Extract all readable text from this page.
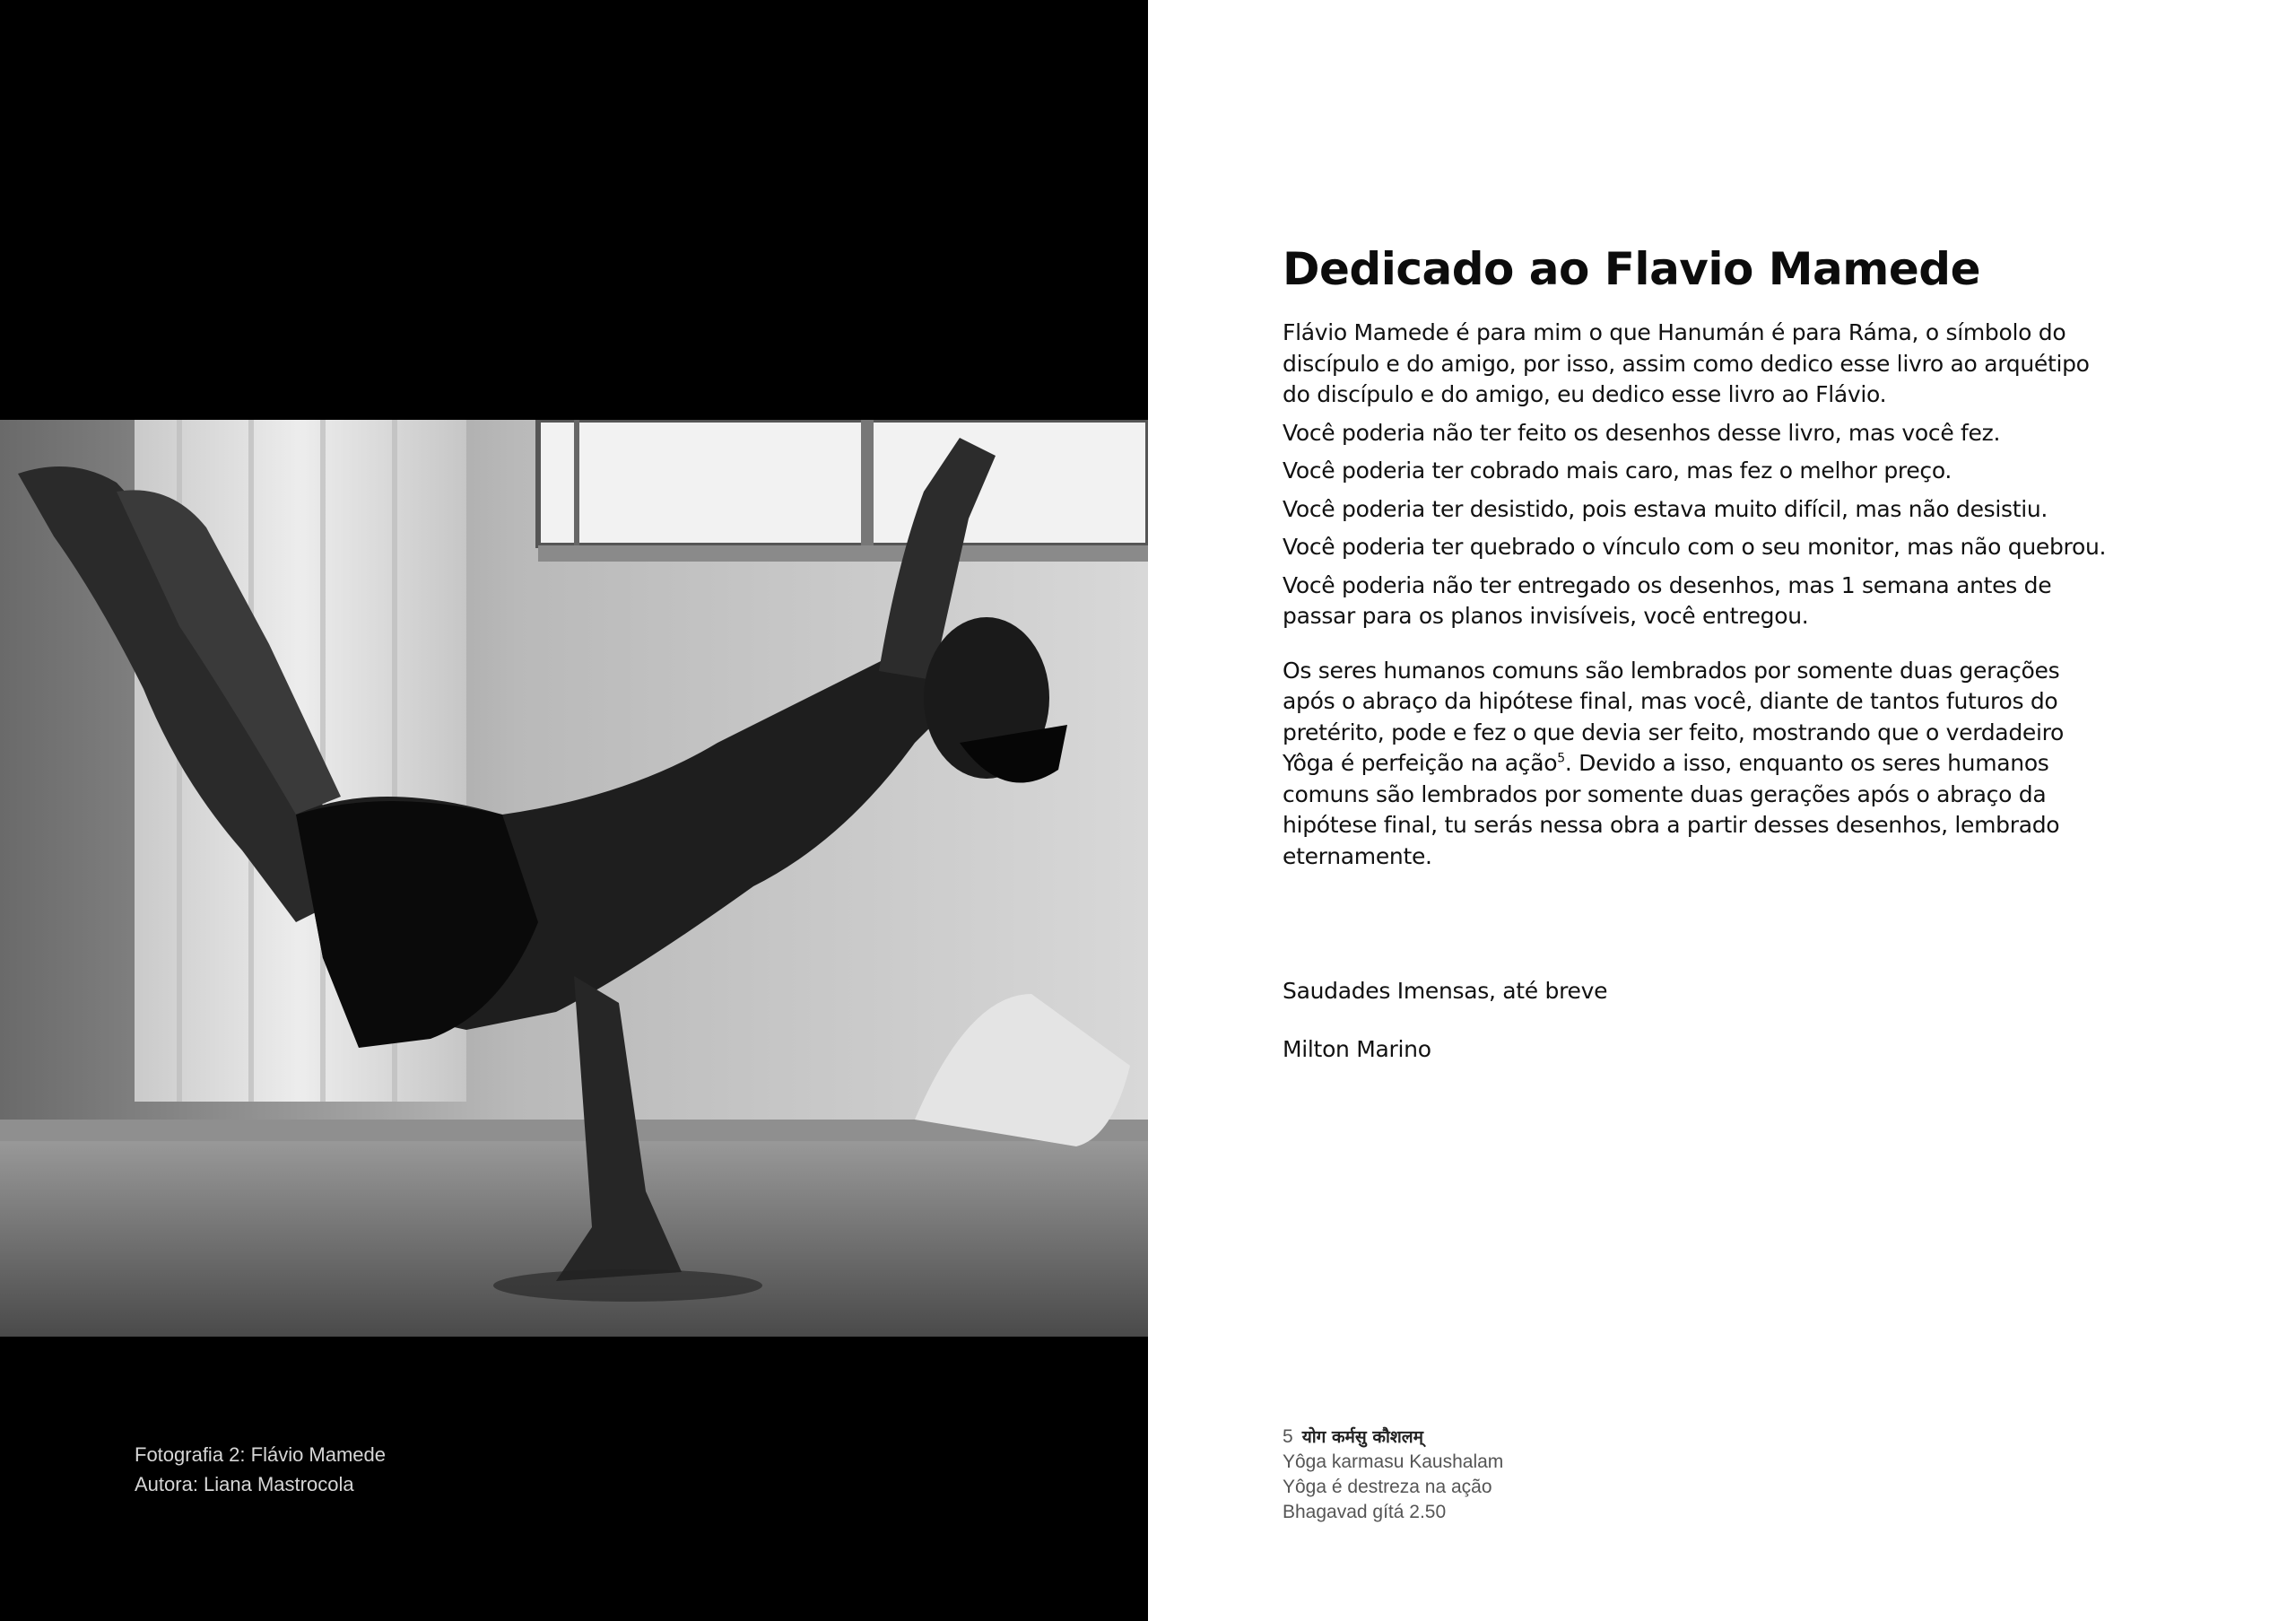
Fotografia 2: Flávio Mamede
Autora: Liana Mastrocola
Dedicado ao Flavio Mamede

Flávio Mamede é para mim o que Hanumán é para Ráma, o símbolo do discípulo e do amigo, por isso, assim como dedico esse livro ao arquétipo do discípulo e do amigo, eu dedico esse livro ao Flávio.

Você poderia não ter feito os desenhos desse livro, mas você fez.

Você poderia ter cobrado mais caro, mas fez o melhor preço.

Você poderia ter desistido, pois estava muito difícil, mas não desistiu.

Você poderia ter quebrado o vínculo com o seu monitor, mas não quebrou.

Você poderia não ter entregado os desenhos, mas 1 semana antes de passar para os planos invisíveis, você entregou.

Os seres humanos comuns são lembrados por somente duas gerações após o abraço da hipótese final, mas você, diante de tantos futuros do pretérito, pode e fez o que devia ser feito, mostrando que o verdadeiro Yôga é perfeição na ação$^5$. Devido a isso, enquanto os seres humanos comuns são lembrados por somente duas gerações após o abraço da hipótese final, tu serás nessa obra a partir desses desenhos, lembrado eternamente.

Saudades Imensas, até breve
Milton Marino
5 योग कर्मसु कौशलम्
Yôga karmasu Kaushalam
Yôga é destreza na ação
Bhagavad gítá 2.50
